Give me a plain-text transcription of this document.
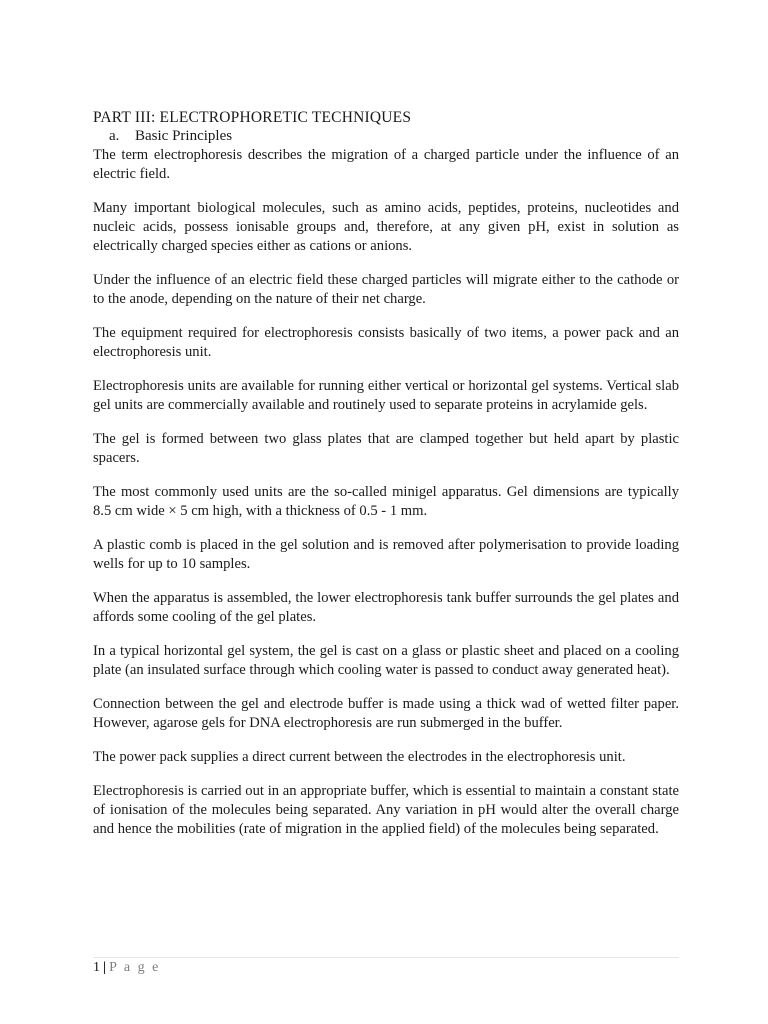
PART III: ELECTROPHORETIC TECHNIQUES

a. Basic Principles

The term electrophoresis describes the migration of a charged particle under the influence of an electric field.

Many important biological molecules, such as amino acids, peptides, proteins, nucleotides and nucleic acids, possess ionisable groups and, therefore, at any given pH, exist in solution as electrically charged species either as cations or anions.

Under the influence of an electric field these charged particles will migrate either to the cathode or to the anode, depending on the nature of their net charge.

The equipment required for electrophoresis consists basically of two items, a power pack and an electrophoresis unit.

Electrophoresis units are available for running either vertical or horizontal gel systems. Vertical slab gel units are commercially available and routinely used to separate proteins in acrylamide gels.

The gel is formed between two glass plates that are clamped together but held apart by plastic spacers.

The most commonly used units are the so-called minigel apparatus. Gel dimensions are typically 8.5 cm wide × 5 cm high, with a thickness of 0.5 - 1 mm.

A plastic comb is placed in the gel solution and is removed after polymerisation to provide loading wells for up to 10 samples.

When the apparatus is assembled, the lower electrophoresis tank buffer surrounds the gel plates and affords some cooling of the gel plates.

In a typical horizontal gel system, the gel is cast on a glass or plastic sheet and placed on a cooling plate (an insulated surface through which cooling water is passed to conduct away generated heat).

Connection between the gel and electrode buffer is made using a thick wad of wetted filter paper. However, agarose gels for DNA electrophoresis are run submerged in the buffer.

The power pack supplies a direct current between the electrodes in the electrophoresis unit.

Electrophoresis is carried out in an appropriate buffer, which is essential to maintain a constant state of ionisation of the molecules being separated. Any variation in pH would alter the overall charge and hence the mobilities (rate of migration in the applied field) of the molecules being separated.

1 | P a g e
